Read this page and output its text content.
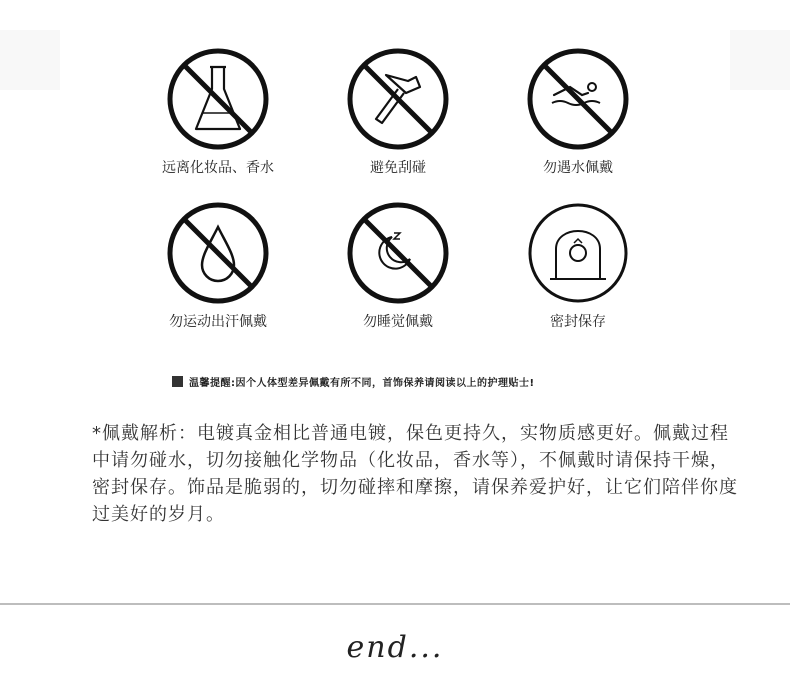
远离化妆品、香水	避免刮碰	勿遇水佩戴
勿运动出汗佩戴	勿睡觉佩戴	密封保存
温馨提醒:因个人体型差异佩戴有所不同，首饰保养请阅读以上的护理贴士!
*佩戴解析：电镀真金相比普通电镀，保色更持久，实物质感更好。佩戴过程中请勿碰水，切勿接触化学物品（化妆品，香水等），不佩戴时请保持干燥，密封保存。饰品是脆弱的，切勿碰摔和摩擦，请保养爱护好，让它们陪伴你度过美好的岁月。
end...
